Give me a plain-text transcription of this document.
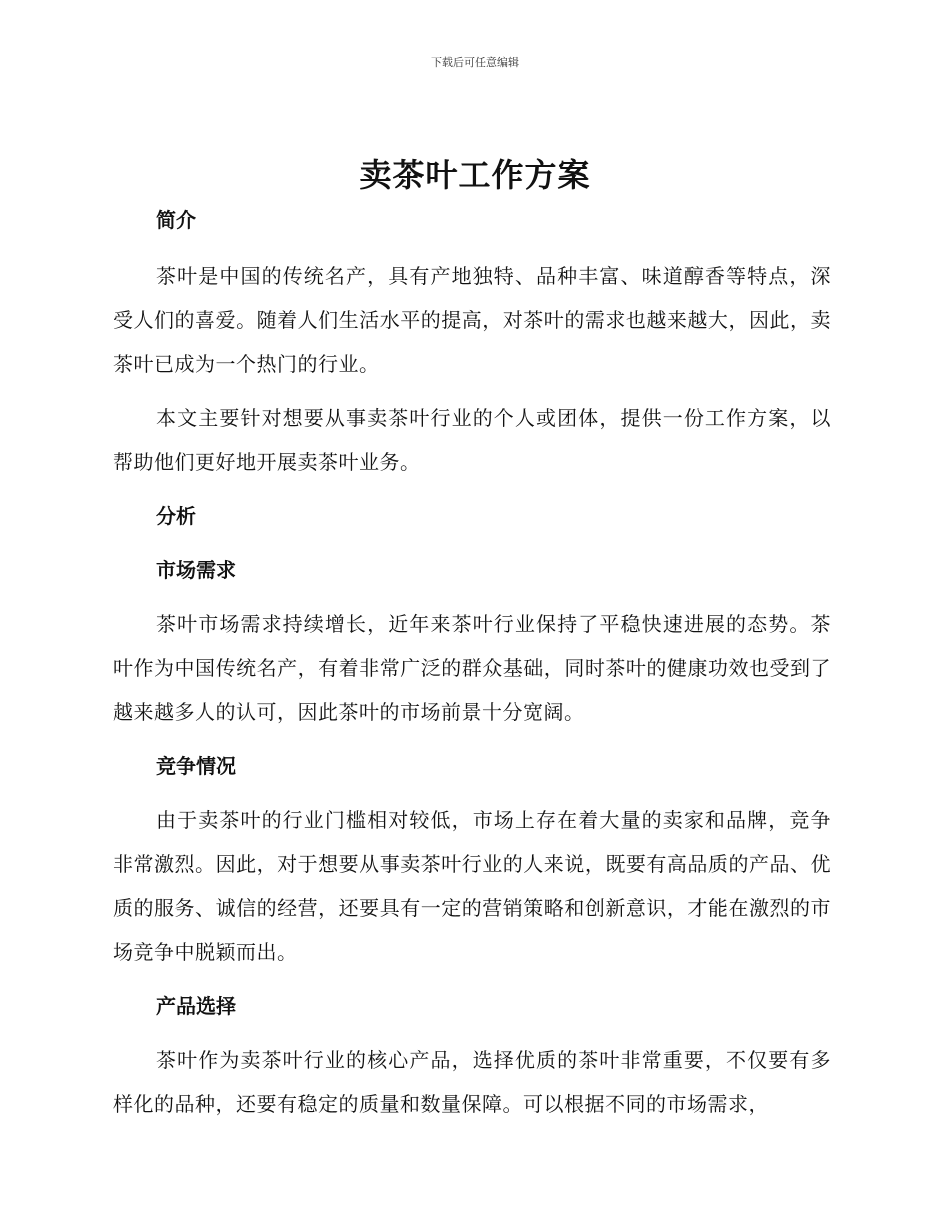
下载后可任意编辑
卖茶叶工作方案

简介

茶叶是中国的传统名产，具有产地独特、品种丰富、味道醇香等特点，深受人们的喜爱。随着人们生活水平的提高，对茶叶的需求也越来越大，因此，卖茶叶已成为一个热门的行业。

本文主要针对想要从事卖茶叶行业的个人或团体，提供一份工作方案，以帮助他们更好地开展卖茶叶业务。

分析

市场需求

茶叶市场需求持续增长，近年来茶叶行业保持了平稳快速进展的态势。茶叶作为中国传统名产，有着非常广泛的群众基础，同时茶叶的健康功效也受到了越来越多人的认可，因此茶叶的市场前景十分宽阔。

竞争情况

由于卖茶叶的行业门槛相对较低，市场上存在着大量的卖家和品牌，竞争非常激烈。因此，对于想要从事卖茶叶行业的人来说，既要有高品质的产品、优质的服务、诚信的经营，还要具有一定的营销策略和创新意识，才能在激烈的市场竞争中脱颖而出。

产品选择

茶叶作为卖茶叶行业的核心产品，选择优质的茶叶非常重要，不仅要有多样化的品种，还要有稳定的质量和数量保障。可以根据不同的市场需求，
